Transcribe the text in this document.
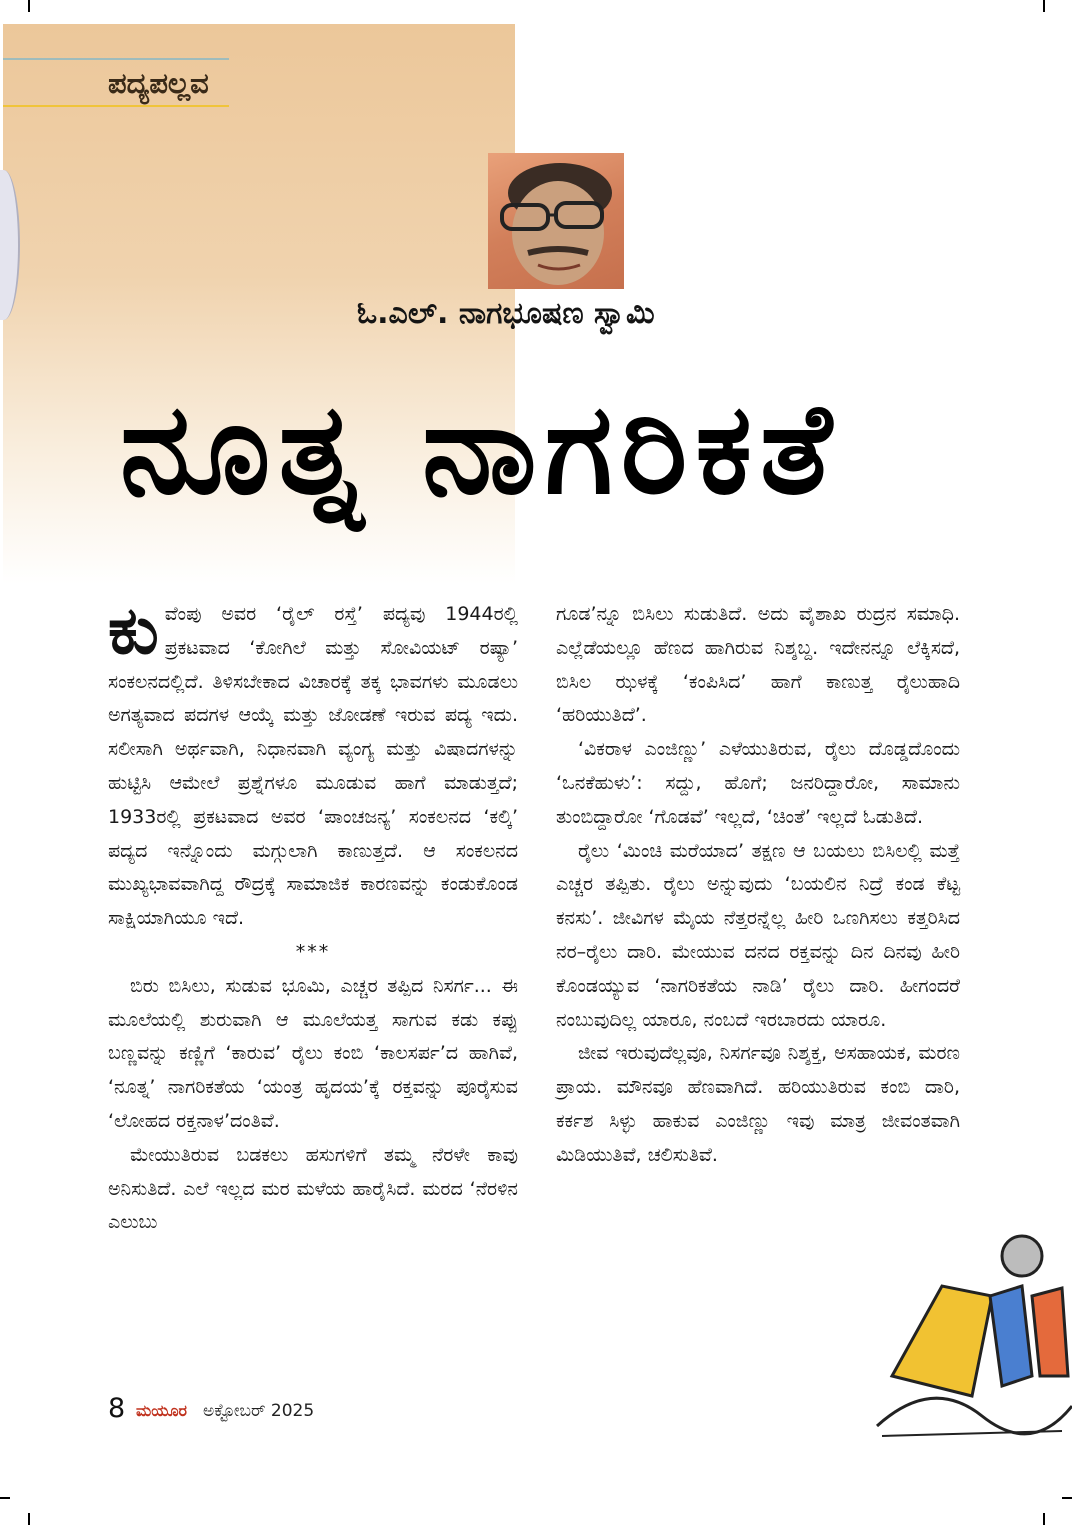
ಪದ್ಯಪಲ್ಲವ
ಓ.ಎಲ್. ನಾಗಭೂಷಣ ಸ್ವಾಮಿ
ನೂತ್ನ ನಾಗರಿಕತೆ

ಕುವೆಂಪು ಅವರ ‘ರೈಲ್ ರಸ್ತೆ’ ಪದ್ಯವು 1944ರಲ್ಲಿ ಪ್ರಕಟವಾದ ‘ಕೋಗಿಲೆ ಮತ್ತು ಸೋವಿಯಟ್ ರಷ್ಯಾ’ ಸಂಕಲನದಲ್ಲಿದೆ. ತಿಳಿಸಬೇಕಾದ ವಿಚಾರಕ್ಕೆ ತಕ್ಕ ಭಾವಗಳು ಮೂಡಲು ಅಗತ್ಯವಾದ ಪದಗಳ ಆಯ್ಕೆ ಮತ್ತು ಜೋಡಣೆ ಇರುವ ಪದ್ಯ ಇದು. ಸಲೀಸಾಗಿ ಅರ್ಥವಾಗಿ, ನಿಧಾನವಾಗಿ ವ್ಯಂಗ್ಯ ಮತ್ತು ವಿಷಾದಗಳನ್ನು ಹುಟ್ಟಿಸಿ ಆಮೇಲೆ ಪ್ರಶ್ನೆಗಳೂ ಮೂಡುವ ಹಾಗೆ ಮಾಡುತ್ತದೆ; 1933ರಲ್ಲಿ ಪ್ರಕಟವಾದ ಅವರ ‘ಪಾಂಚಜನ್ಯ’ ಸಂಕಲನದ ‘ಕಲ್ಕಿ’ ಪದ್ಯದ ಇನ್ನೊಂದು ಮಗ್ಗುಲಾಗಿ ಕಾಣುತ್ತದೆ. ಆ ಸಂಕಲನದ ಮುಖ್ಯಭಾವವಾಗಿದ್ದ ರೌದ್ರಕ್ಕೆ ಸಾಮಾಜಿಕ ಕಾರಣವನ್ನು ಕಂಡುಕೊಂಡ ಸಾಕ್ಷಿಯಾಗಿಯೂ ಇದೆ.

***

ಬಿರು ಬಿಸಿಲು, ಸುಡುವ ಭೂಮಿ, ಎಚ್ಚರ ತಪ್ಪಿದ ನಿಸರ್ಗ... ಈ ಮೂಲೆಯಲ್ಲಿ ಶುರುವಾಗಿ ಆ ಮೂಲೆಯತ್ತ ಸಾಗುವ ಕಡು ಕಪ್ಪು ಬಣ್ಣವನ್ನು ಕಣ್ಣಿಗೆ ‘ಕಾರುವ’ ರೈಲು ಕಂಬಿ ‘ಕಾಲಸರ್ಪ’ದ ಹಾಗಿವೆ, ‘ನೂತ್ನ’ ನಾಗರಿಕತೆಯ ‘ಯಂತ್ರ ಹೃದಯ’ಕ್ಕೆ ರಕ್ತವನ್ನು ಪೂರೈಸುವ ‘ಲೋಹದ ರಕ್ತನಾಳ’ದಂತಿವೆ.

ಮೇಯುತಿರುವ ಬಡಕಲು ಹಸುಗಳಿಗೆ ತಮ್ಮ ನೆರಳೇ ಕಾವು ಅನಿಸುತಿದೆ. ಎಲೆ ಇಲ್ಲದ ಮರ ಮಳೆಯ ಹಾರೈಸಿದೆ. ಮರದ ‘ನೆರಳಿನ ಎಲುಬು

ಗೂಡ’ನ್ನೂ ಬಿಸಿಲು ಸುಡುತಿದೆ. ಅದು ವೈಶಾಖ ರುದ್ರನ ಸಮಾಧಿ. ಎಲ್ಲೆಡೆಯಲ್ಲೂ ಹೆಣದ ಹಾಗಿರುವ ನಿಶ್ಶಬ್ದ. ಇದೇನನ್ನೂ ಲೆಕ್ಕಿಸದೆ, ಬಿಸಿಲ ಝಳಕ್ಕೆ ‘ಕಂಪಿಸಿದ’ ಹಾಗೆ ಕಾಣುತ್ತ ರೈಲುಹಾದಿ ‘ಹರಿಯುತಿದೆ’.

‘ವಿಕರಾಳ ಎಂಜಿಣ್ಣು’ ಎಳೆಯುತಿರುವ, ರೈಲು ದೊಡ್ಡದೊಂದು ‘ಒನಕೆಹುಳು’: ಸದ್ದು, ಹೊಗೆ; ಜನರಿದ್ದಾರೋ, ಸಾಮಾನು ತುಂಬಿದ್ದಾರೋ ‘ಗೊಡವೆ’ ಇಲ್ಲದೆ, ‘ಚಿಂತೆ’ ಇಲ್ಲದೆ ಓಡುತಿದೆ.

ರೈಲು ‘ಮಿಂಚಿ ಮರೆಯಾದ’ ತಕ್ಷಣ ಆ ಬಯಲು ಬಿಸಿಲಲ್ಲಿ ಮತ್ತೆ ಎಚ್ಚರ ತಪ್ಪಿತು. ರೈಲು ಅನ್ನುವುದು ‘ಬಯಲಿನ ನಿದ್ರೆ ಕಂಡ ಕೆಟ್ಟ ಕನಸು’. ಜೀವಿಗಳ ಮೈಯ ನೆತ್ತರನ್ನೆಲ್ಲ ಹೀರಿ ಒಣಗಿಸಲು ಕತ್ತರಿಸಿದ ನರ–ರೈಲು ದಾರಿ. ಮೇಯುವ ದನದ ರಕ್ತವನ್ನು ದಿನ ದಿನವು ಹೀರಿ ಕೊಂಡಯ್ಯುವ ‘ನಾಗರಿಕತೆಯ ನಾಡಿ’ ರೈಲು ದಾರಿ. ಹೀಗಂದರೆ ನಂಬುವುದಿಲ್ಲ ಯಾರೂ, ನಂಬದೆ ಇರಬಾರದು ಯಾರೂ.

ಜೀವ ಇರುವುದೆಲ್ಲವೂ, ನಿಸರ್ಗವೂ ನಿಶ್ಶಕ್ತ, ಅಸಹಾಯಕ, ಮರಣ ಪ್ರಾಯ. ಮೌನವೂ ಹೆಣವಾಗಿದೆ. ಹರಿಯುತಿರುವ ಕಂಬಿ ದಾರಿ, ಕರ್ಕಶ ಸಿಳ್ಳು ಹಾಕುವ ಎಂಜಿಣ್ಣು ಇವು ಮಾತ್ರ ಜೀವಂತವಾಗಿ ಮಿಡಿಯುತಿವೆ, ಚಲಿಸುತಿವೆ.

8 ಮಯೂರ ಅಕ್ಟೋಬರ್ 2025
